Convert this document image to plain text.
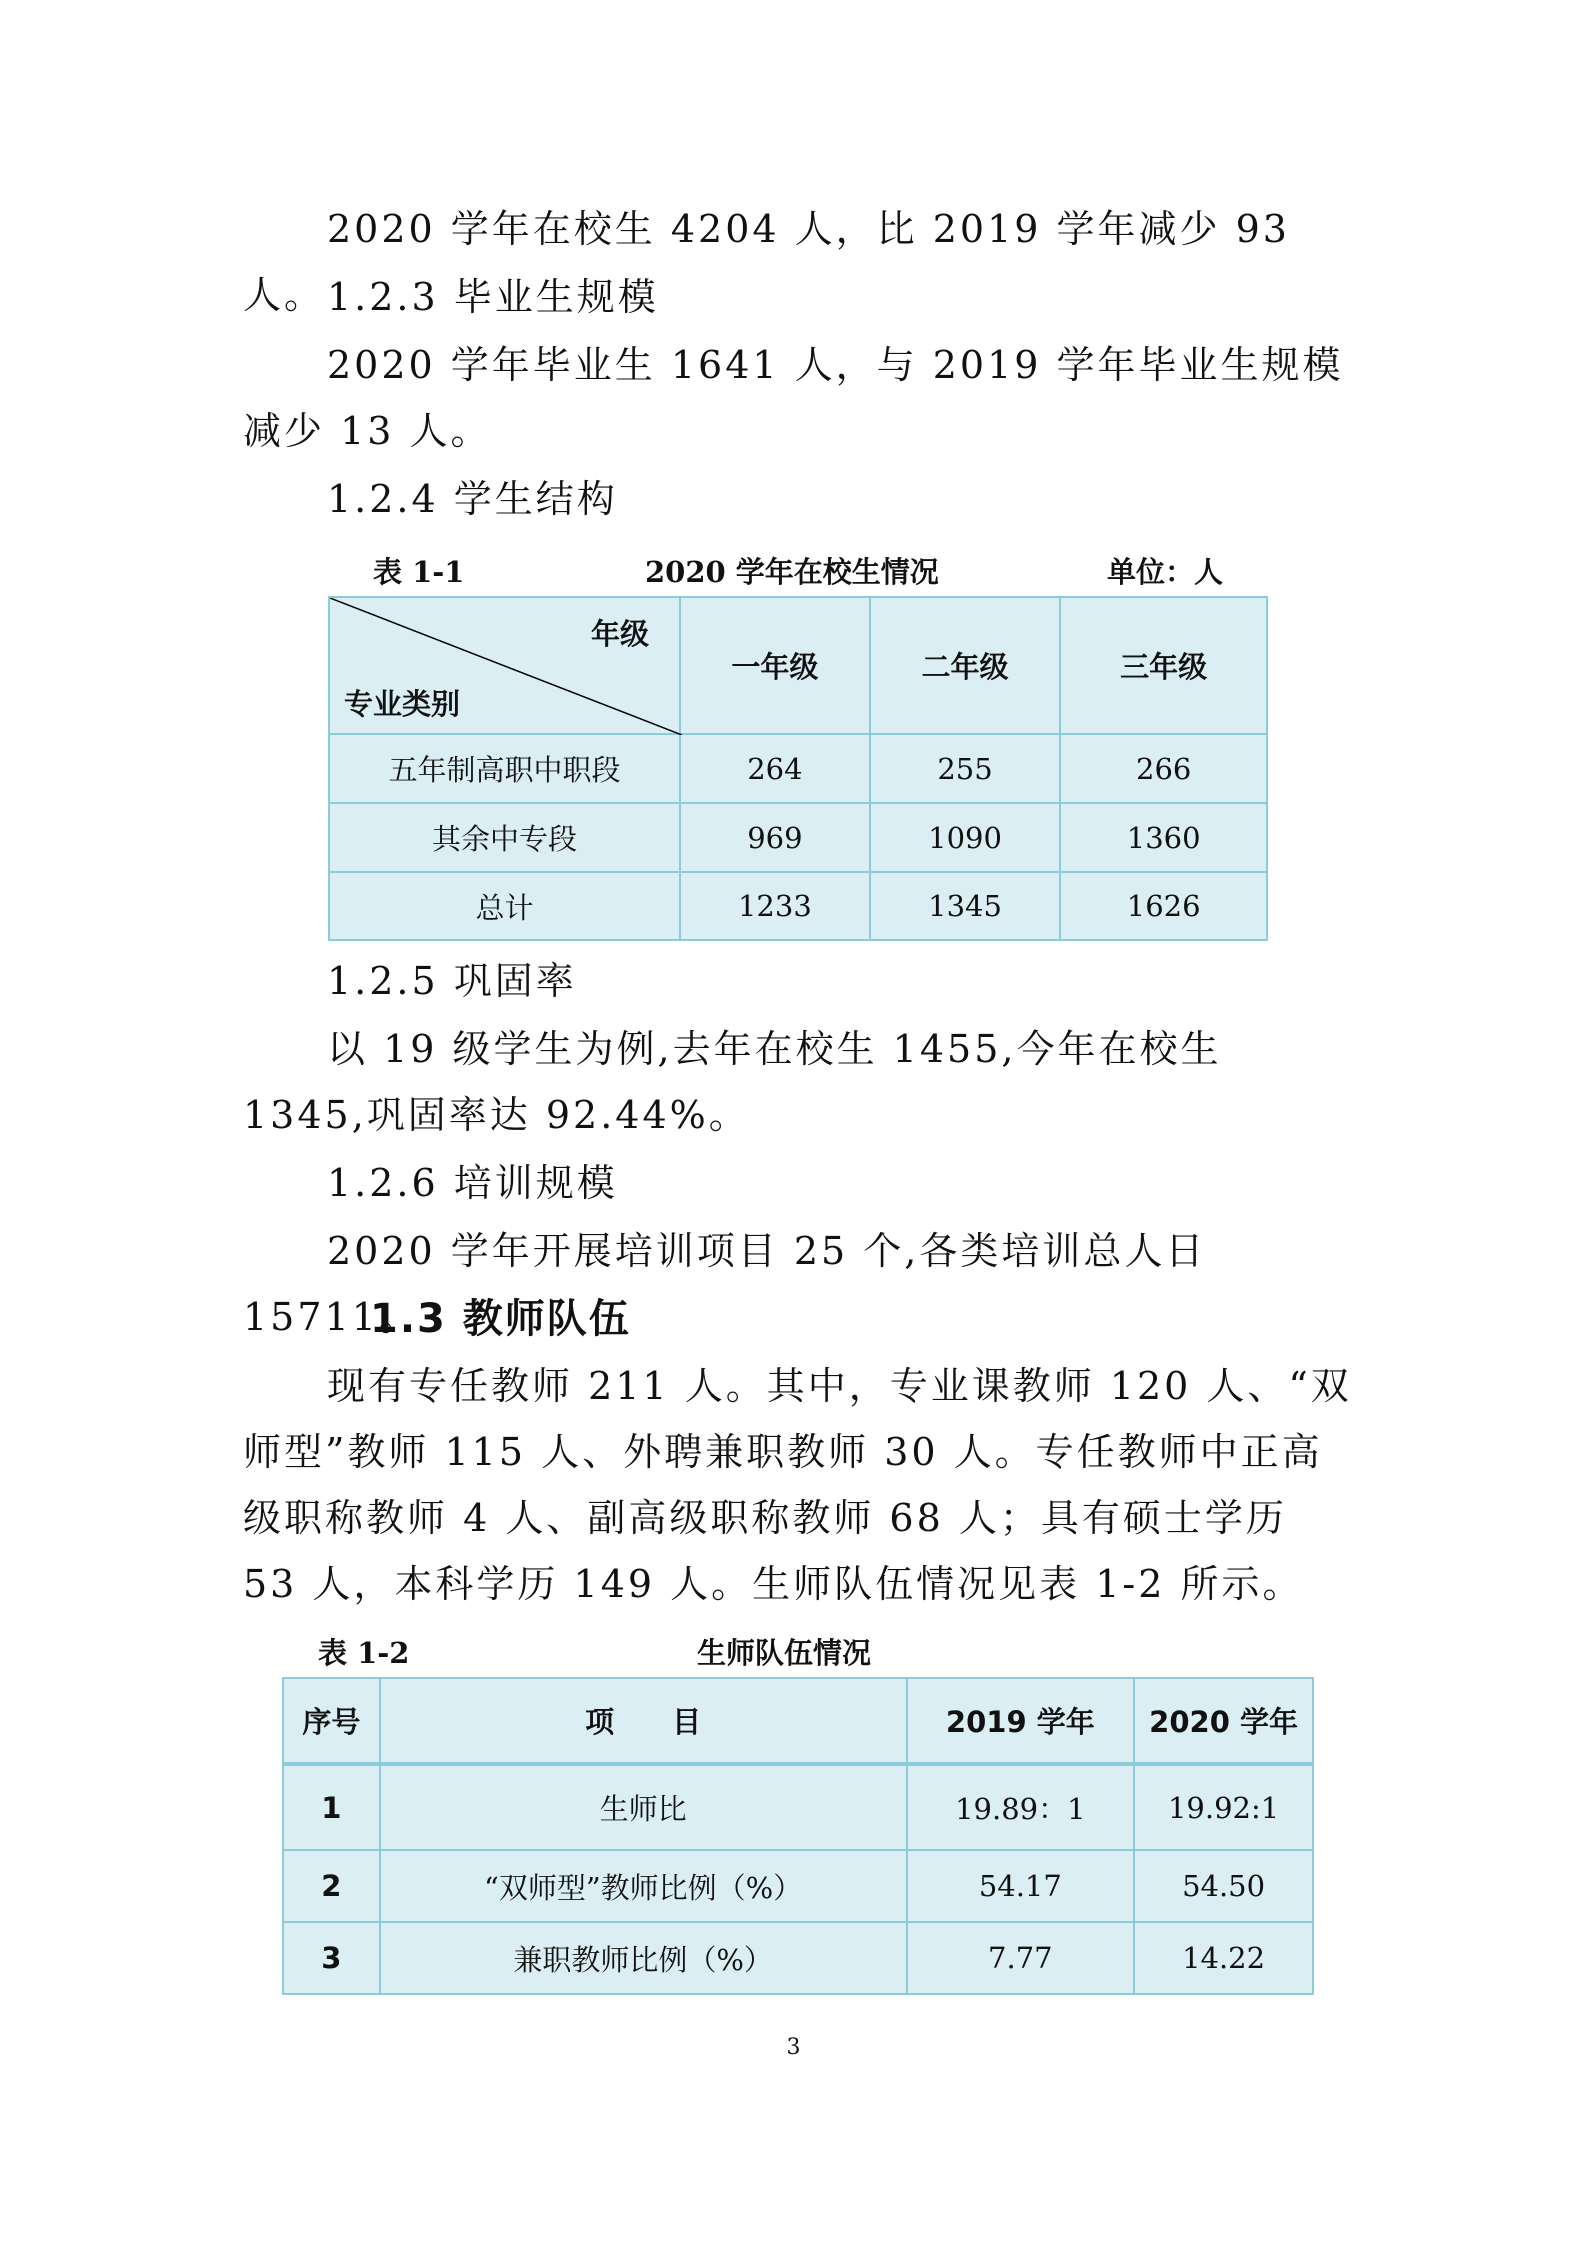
2020 学年在校生 4204 人，比 2019 学年减少 93 人。 1.2.3 毕业生规模

2020 学年毕业生 1641 人，与 2019 学年毕业生规模减少 13 人。

1.2.4 学生结构

表 1-1	2020 学年在校生情况	单位：人
年级
专业类别	一年级	二年级	三年级
五年制高职中职段	264	255	266
其余中专段	969	1090	1360
总计	1233	1345	1626

1.2.5 巩固率

以 19 级学生为例,去年在校生 1455,今年在校生 1345,巩固率达 92.44%。

1.2.6 培训规模

2020 学年开展培训项目 25 个,各类培训总人日 15711。

1.3 教师队伍

现有专任教师 211 人。其中，专业课教师 120 人、“双师型”教师 115 人、外聘兼职教师 30 人。专任教师中正高级职称教师 4 人、副高级职称教师 68 人；具有硕士学历 53 人，本科学历 149 人。生师队伍情况见表 1-2 所示。

表 1-2	生师队伍情况
序号	项　　目	2019 学年	2020 学年
1	生师比	19.89：1	19.92:1
2	“双师型”教师比例（%）	54.17	54.50
3	兼职教师比例（%）	7.77	14.22
3
